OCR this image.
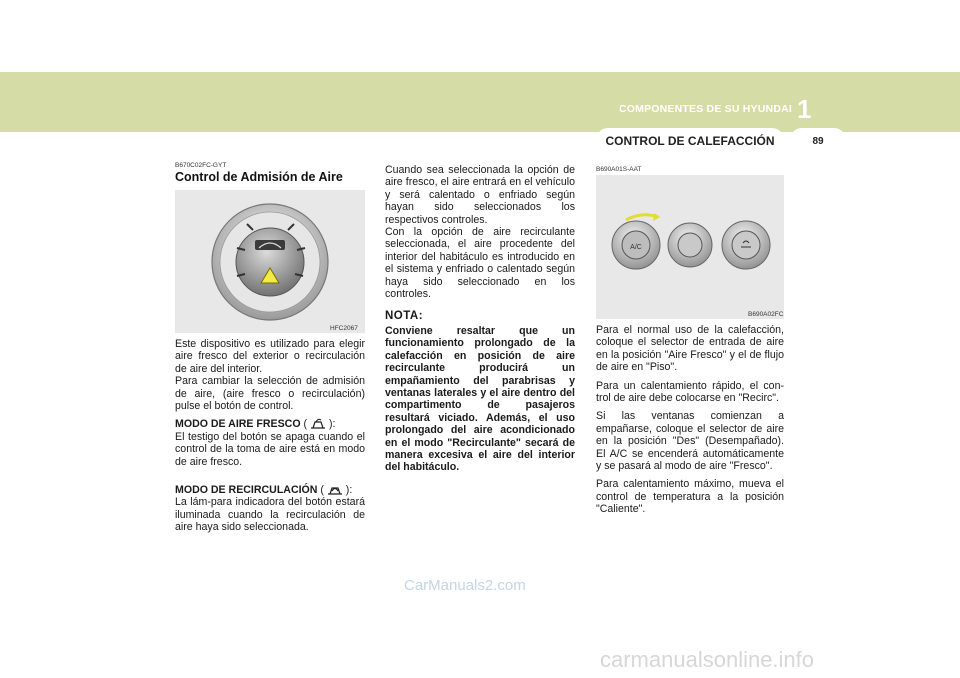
COMPONENTES DE SU HYUNDAI 1
CONTROL DE CALEFACCIÓN	89
B670C02FC-GYT
Control de Admisión de Aire
HFC2067

Este dispositivo es utilizado para elegir aire fresco del exterior o recirculación de aire del interior.

Para cambiar la selección de admisión de aire, (aire fresco o recirculación) pulse el botón de control.

MODO DE AIRE FRESCO (  ):
El testigo del botón se apaga cuando el control de la toma de aire está en modo de aire fresco.

MODO DE RECIRCULACIÓN (  ):
La lám-para indicadora del botón estará iluminada cuando la recirculación de aire haya sido seleccionada.

Cuando sea seleccionada la opción de aire fresco, el aire entrará en el vehículo y será calentado o enfriado según hayan sido seleccionados los respectivos controles.

Con la opción de aire recirculante seleccionada, el aire procedente del interior del habitáculo es introducido en el sistema y enfriado o calentado según haya sido seleccionado en los controles.

NOTA:

Conviene resaltar que un funcionamiento prolongado de la calefacción en posición de aire recirculante producirá un empañamiento del parabrisas y ventanas laterales y el aire dentro del compartimento de pasajeros resultará viciado. Además, el uso prolongado del aire acondicionado en el modo "Recirculante" secará de manera excesiva el aire del interior del habitáculo.

B690A01S-AAT
A/C
B690A02FC

Para el normal uso de la calefacción, coloque el selector de entrada de aire en la posición "Aire Fresco" y el de flujo de aire en "Piso".

Para un calentamiento rápido, el con-trol de aire debe colocarse en "Recirc".

Si las ventanas comienzan a empañarse, coloque el selector de aire en la posición "Des" (Desempañado). El A/C se encenderá automáticamente y se pasará al modo de aire "Fresco".

Para calentamiento máximo, mueva el control de temperatura a la posición "Caliente".

CarManuals2.com
carmanualsonline.info
